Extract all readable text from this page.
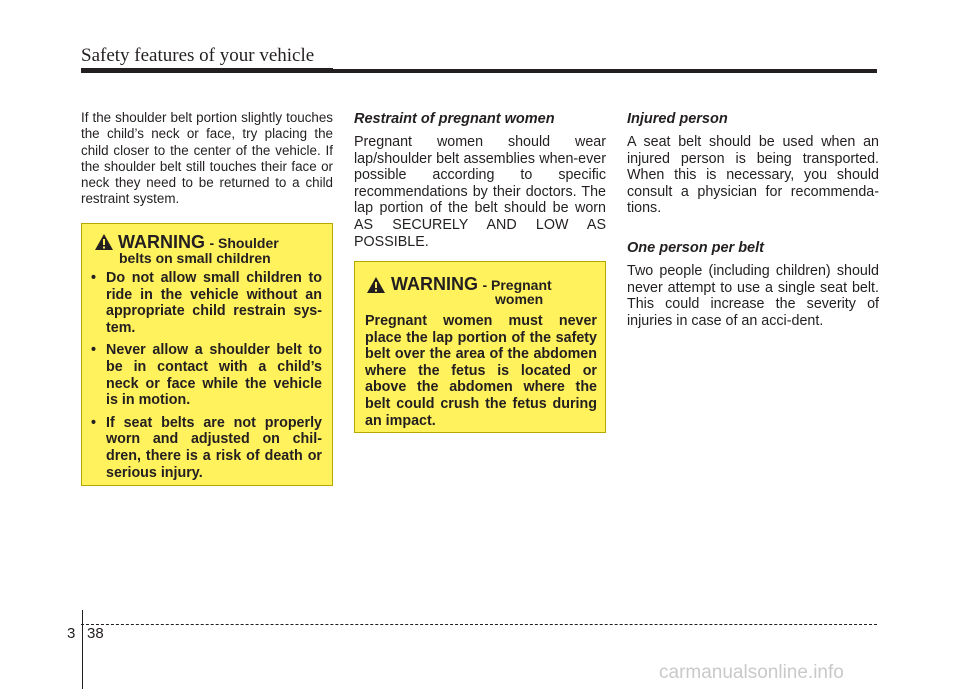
Safety features of your vehicle

If the shoulder belt portion slightly touches the child’s neck or face, try placing the child closer to the center of the vehicle. If the shoulder belt still touches their face or neck they need to be returned to a child restraint system.

WARNING - Shoulder
belts on small children
• Do not allow small children to ride in the vehicle without an appropriate child restrain sys-tem.
• Never allow a shoulder belt to be in contact with a child’s neck or face while the vehicle is in motion.
• If seat belts are not properly worn and adjusted on chil-dren, there is a risk of death or serious injury.
Restraint of pregnant women

Pregnant women should wear lap/shoulder belt assemblies when-ever possible according to specific recommendations by their doctors. The lap portion of the belt should be worn AS SECURELY AND LOW AS POSSIBLE.

WARNING - Pregnant
women

Pregnant women must never place the lap portion of the safety belt over the area of the abdomen where the fetus is located or above the abdomen where the belt could crush the fetus during an impact.

Injured person

A seat belt should be used when an injured person is being transported. When this is necessary, you should consult a physician for recommenda-tions.

One person per belt

Two people (including children) should never attempt to use a single seat belt. This could increase the severity of injuries in case of an acci-dent.

3 38
carmanualsonline.info
